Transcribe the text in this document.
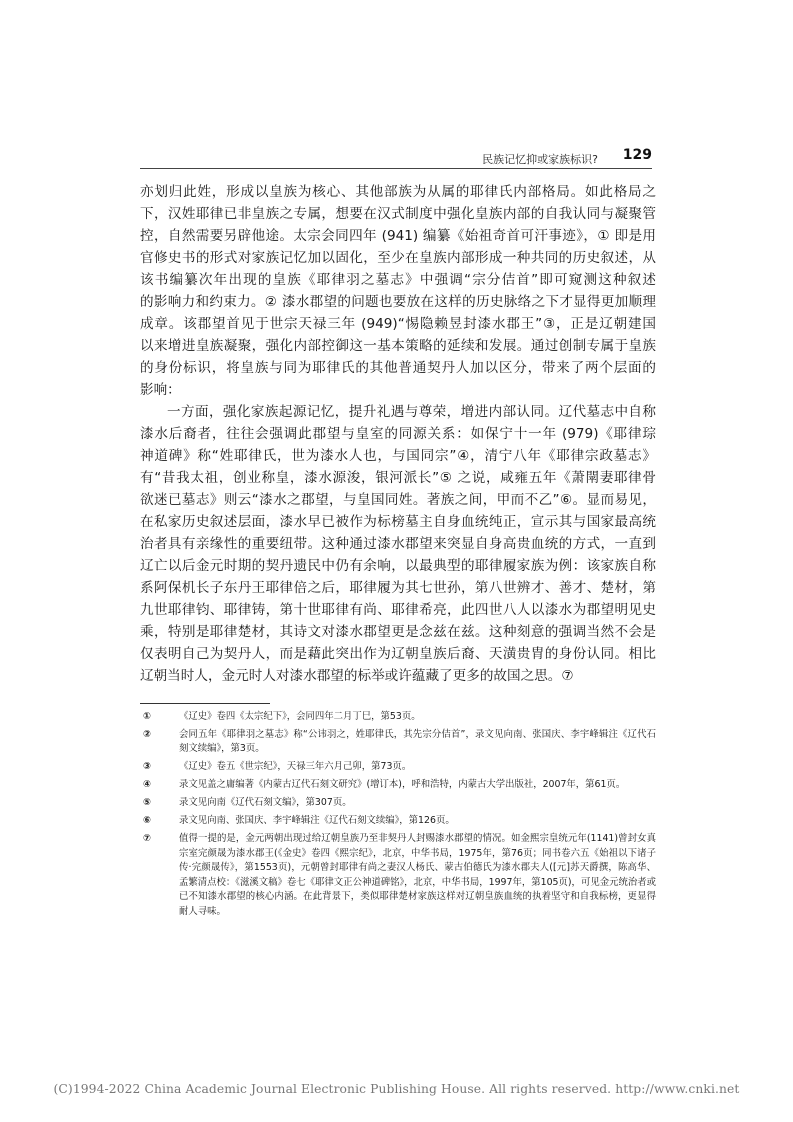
民族记忆抑或家族标识? 129

亦划归此姓，形成以皇族为核心、其他部族为从属的耶律氏内部格局。如此格局之

下，汉姓耶律已非皇族之专属，想要在汉式制度中强化皇族内部的自我认同与凝聚管

控，自然需要另辟他途。太宗会同四年 (941) 编纂《始祖奇首可汗事迹》，① 即是用

官修史书的形式对家族记忆加以固化，至少在皇族内部形成一种共同的历史叙述，从

该书编纂次年出现的皇族《耶律羽之墓志》中强调“宗分佶首”即可窥测这种叙述

的影响力和约束力。② 漆水郡望的问题也要放在这样的历史脉络之下才显得更加顺理

成章。该郡望首见于世宗天禄三年 (949)“惕隐赖昱封漆水郡王”③，正是辽朝建国

以来增进皇族凝聚，强化内部控御这一基本策略的延续和发展。通过创制专属于皇族

的身份标识，将皇族与同为耶律氏的其他普通契丹人加以区分，带来了两个层面的

影响：

一方面，强化家族起源记忆，提升礼遇与尊荣，增进内部认同。辽代墓志中自称

漆水后裔者，往往会强调此郡望与皇室的同源关系：如保宁十一年 (979)《耶律琮

神道碑》称“姓耶律氏，世为漆水人也，与国同宗”④，清宁八年《耶律宗政墓志》

有“昔我太祖，创业称皇，漆水源浚，银河派长”⑤ 之说，咸雍五年《萧閛妻耶律骨

欲迷已墓志》则云“漆水之郡望，与皇国同姓。著族之间，甲而不乙”⑥。显而易见，

在私家历史叙述层面，漆水早已被作为标榜墓主自身血统纯正，宣示其与国家最高统

治者具有亲缘性的重要纽带。这种通过漆水郡望来突显自身高贵血统的方式，一直到

辽亡以后金元时期的契丹遗民中仍有余响，以最典型的耶律履家族为例：该家族自称

系阿保机长子东丹王耶律倍之后，耶律履为其七世孙，第八世辨才、善才、楚材，第

九世耶律钧、耶律铸，第十世耶律有尚、耶律希亮，此四世八人以漆水为郡望明见史

乘，特别是耶律楚材，其诗文对漆水郡望更是念兹在兹。这种刻意的强调当然不会是

仅表明自己为契丹人，而是藉此突出作为辽朝皇族后裔、天潢贵胄的身份认同。相比

辽朝当时人，金元时人对漆水郡望的标举或许蕴藏了更多的故国之思。⑦

①	《辽史》卷四《太宗纪下》，会同四年二月丁巳，第53页。
②	会同五年《耶律羽之墓志》称“公讳羽之，姓耶律氏，其先宗分佶首”，录文见向南、张国庆、李宇峰辑注《辽代石刻文续编》，第3页。
③	《辽史》卷五《世宗纪》，天禄三年六月己卯，第73页。
④	录文见盖之庸编著《内蒙古辽代石刻文研究》(增订本)，呼和浩特，内蒙古大学出版社，2007年，第61页。
⑤	录文见向南《辽代石刻文编》，第307页。
⑥	录文见向南、张国庆、李宇峰辑注《辽代石刻文续编》，第126页。
⑦	值得一提的是，金元两朝出现过给辽朝皇族乃至非契丹人封赐漆水郡望的情况。如金熙宗皇统元年(1141)曾封女真宗室完颜晟为漆水郡王(《金史》卷四《熙宗纪》，北京，中华书局，1975年，第76页；同书卷六五《始祖以下诸子传·完颜晟传》，第1553页)，元朝曾封耶律有尚之妻汉人杨氏、蒙古伯德氏为漆水郡夫人([元]苏天爵撰，陈高华、孟繁清点校：《滋溪文稿》卷七《耶律文正公神道碑铭》，北京，中华书局，1997年，第105页)，可见金元统治者或已不知漆水郡望的核心内涵。在此背景下，类似耶律楚材家族这样对辽朝皇族血统的执着坚守和自我标榜，更显得耐人寻味。
(C)1994-2022 China Academic Journal Electronic Publishing House. All rights reserved. http://www.cnki.net
